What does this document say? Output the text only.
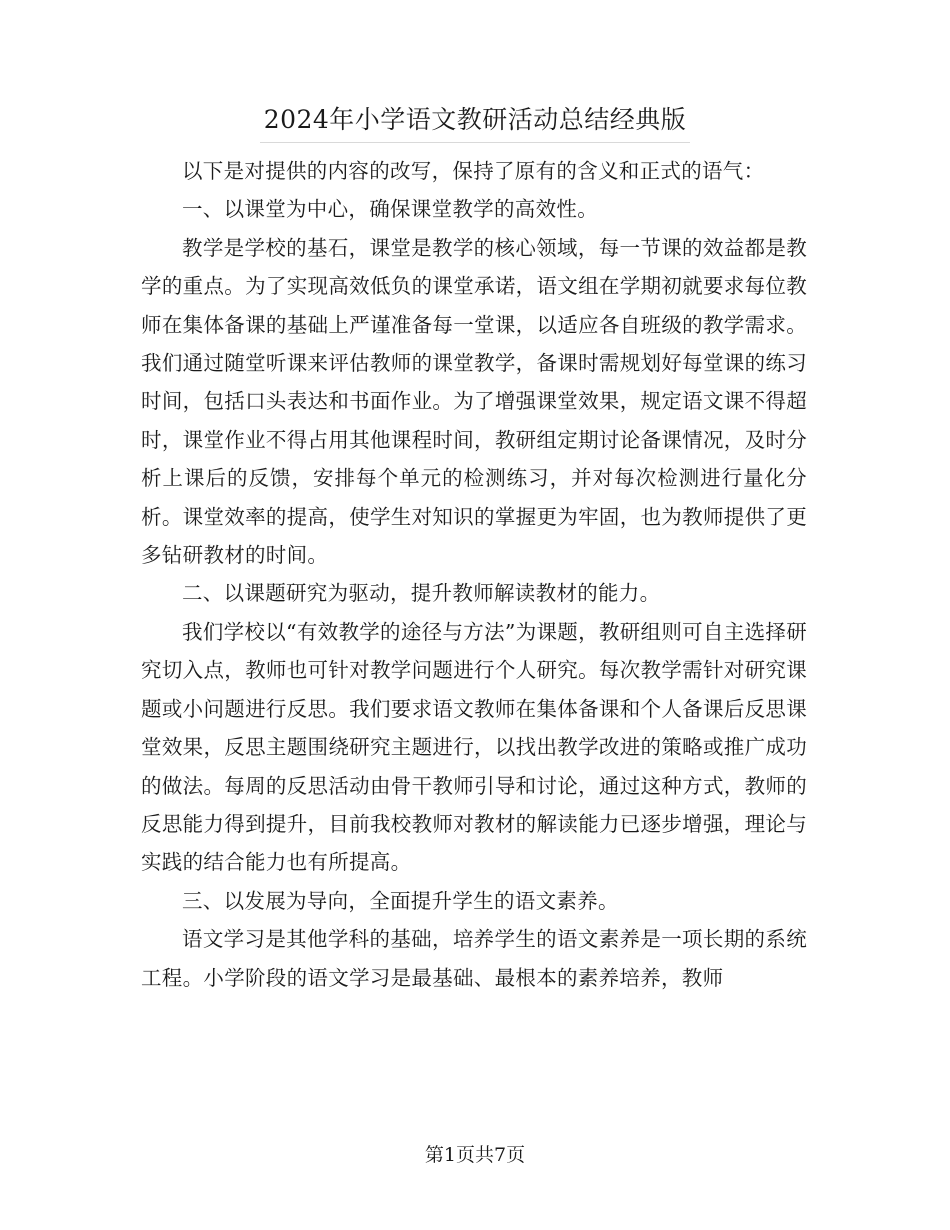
2024年小学语文教研活动总结经典版

以下是对提供的内容的改写，保持了原有的含义和正式的语气：

一、以课堂为中心，确保课堂教学的高效性。

教学是学校的基石，课堂是教学的核心领域，每一节课的效益都是教学的重点。为了实现高效低负的课堂承诺，语文组在学期初就要求每位教师在集体备课的基础上严谨准备每一堂课，以适应各自班级的教学需求。我们通过随堂听课来评估教师的课堂教学，备课时需规划好每堂课的练习时间，包括口头表达和书面作业。为了增强课堂效果，规定语文课不得超时，课堂作业不得占用其他课程时间，教研组定期讨论备课情况，及时分析上课后的反馈，安排每个单元的检测练习，并对每次检测进行量化分析。课堂效率的提高，使学生对知识的掌握更为牢固，也为教师提供了更多钻研教材的时间。

二、以课题研究为驱动，提升教师解读教材的能力。

我们学校以“有效教学的途径与方法”为课题，教研组则可自主选择研究切入点，教师也可针对教学问题进行个人研究。每次教学需针对研究课题或小问题进行反思。我们要求语文教师在集体备课和个人备课后反思课堂效果，反思主题围绕研究主题进行，以找出教学改进的策略或推广成功的做法。每周的反思活动由骨干教师引导和讨论，通过这种方式，教师的反思能力得到提升，目前我校教师对教材的解读能力已逐步增强，理论与实践的结合能力也有所提高。

三、以发展为导向，全面提升学生的语文素养。

语文学习是其他学科的基础，培养学生的语文素养是一项长期的系统工程。小学阶段的语文学习是最基础、最根本的素养培养，教师

第1页共7页
